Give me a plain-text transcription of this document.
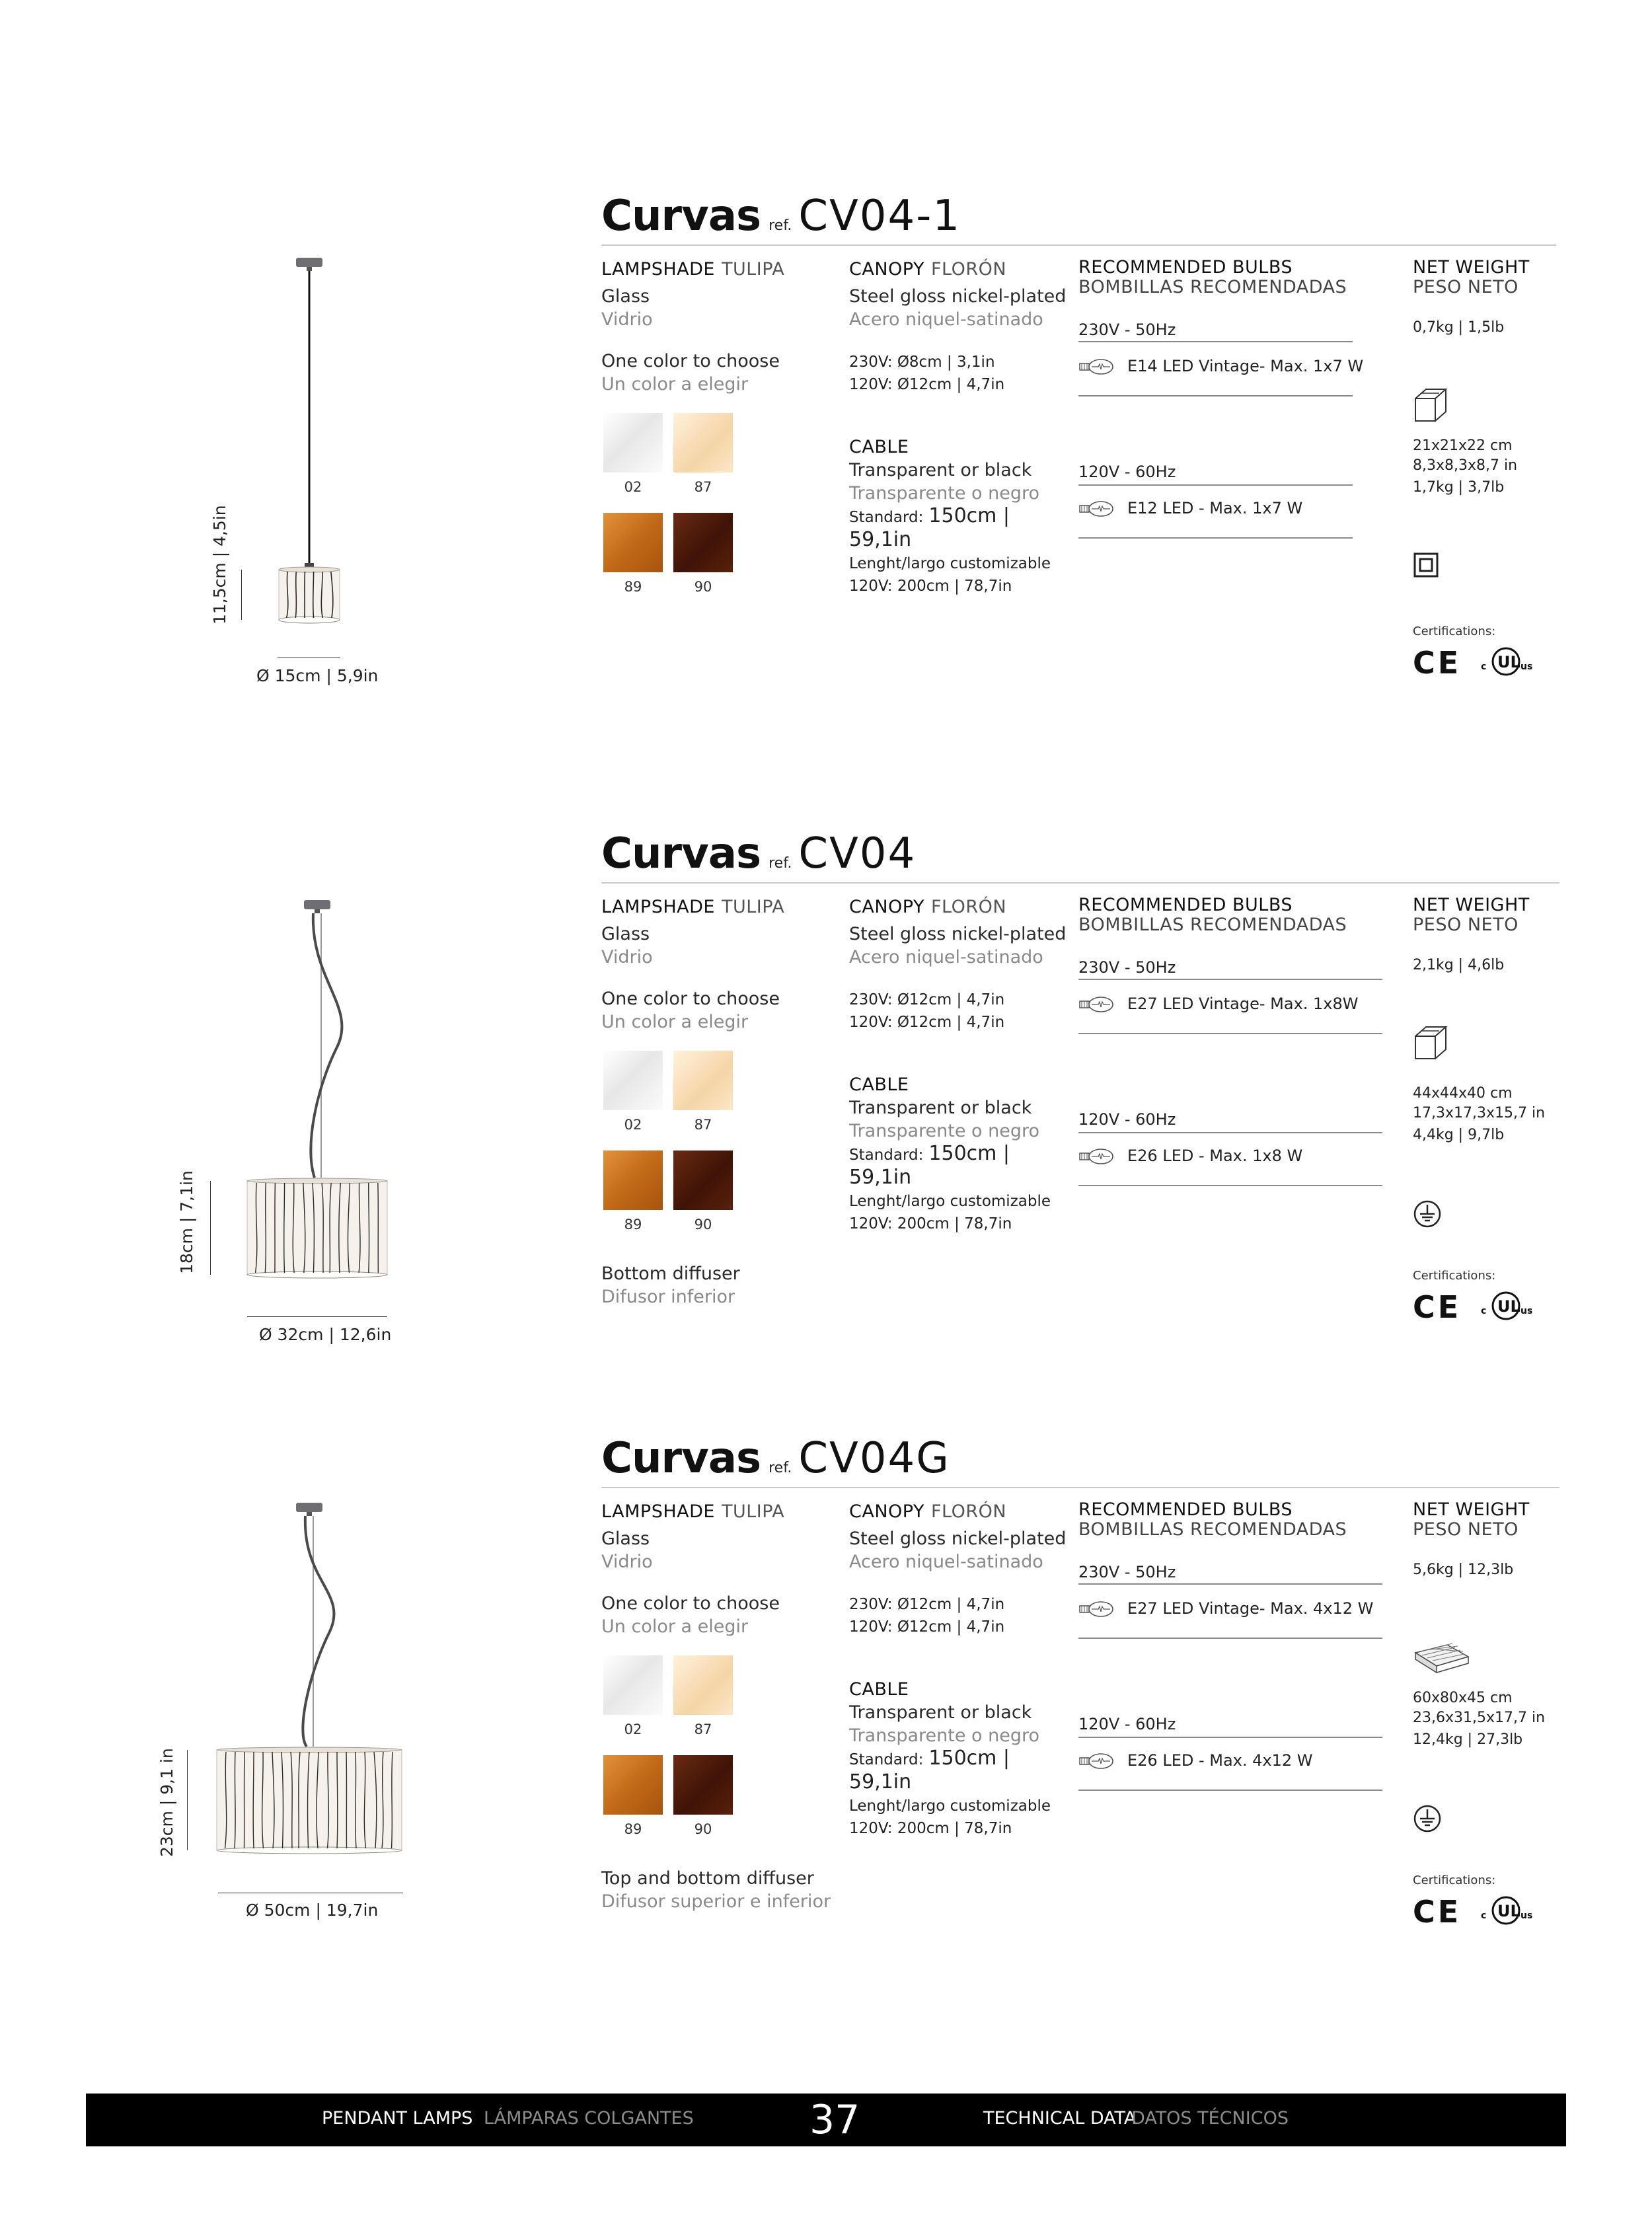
Curvas ref. CV04-1
LAMPSHADE TULIPA
Glass
Vidrio
One color to choose
Un color a elegir
02	87
89	90
CANOPY FLORÓN
Steel gloss nickel-plated
Acero niquel-satinado
230V: Ø8cm | 3,1in
120V: Ø12cm | 4,7in
CABLE
Transparent or black
Transparente o negro
Standard: 150cm | 59,1in
Lenght/largo customizable
120V: 200cm | 78,7in
RECOMMENDED BULBS
BOMBILLAS RECOMENDADAS
230V - 50Hz
E14 LED Vintage- Max. 1x7 W
120V - 60Hz
E12 LED - Max. 1x7 W
NET WEIGHT
PESO NETO
0,7kg | 1,5lb
21x21x22 cm
8,3x8,3x8,7 in
1,7kg | 3,7lb
Certifications:
CE c UL us
11,5cm | 4,5in
Ø 15cm | 5,9in
Curvas ref. CV04
LAMPSHADE TULIPA
Glass
Vidrio
One color to choose
Un color a elegir
02	87
89	90
Bottom diffuser
Difusor inferior
CANOPY FLORÓN
Steel gloss nickel-plated
Acero niquel-satinado
230V: Ø12cm | 4,7in
120V: Ø12cm | 4,7in
CABLE
Transparent or black
Transparente o negro
Standard: 150cm | 59,1in
Lenght/largo customizable
120V: 200cm | 78,7in
RECOMMENDED BULBS
BOMBILLAS RECOMENDADAS
230V - 50Hz
E27 LED Vintage- Max. 1x8W
120V - 60Hz
E26 LED - Max. 1x8 W
NET WEIGHT
PESO NETO
2,1kg | 4,6lb
44x44x40 cm
17,3x17,3x15,7 in
4,4kg | 9,7lb
Certifications:
CE c UL us
18cm | 7,1in
Ø 32cm | 12,6in
Curvas ref. CV04G
LAMPSHADE TULIPA
Glass
Vidrio
One color to choose
Un color a elegir
02	87
89	90
Top and bottom diffuser
Difusor superior e inferior
CANOPY FLORÓN
Steel gloss nickel-plated
Acero niquel-satinado
230V: Ø12cm | 4,7in
120V: Ø12cm | 4,7in
CABLE
Transparent or black
Transparente o negro
Standard: 150cm | 59,1in
Lenght/largo customizable
120V: 200cm | 78,7in
RECOMMENDED BULBS
BOMBILLAS RECOMENDADAS
230V - 50Hz
E27 LED Vintage- Max. 4x12 W
120V - 60Hz
E26 LED - Max. 4x12 W
NET WEIGHT
PESO NETO
5,6kg | 12,3lb
60x80x45 cm
23,6x31,5x17,7 in
12,4kg | 27,3lb
Certifications:
CE c UL us
23cm | 9,1 in
Ø 50cm | 19,7in
PENDANT LAMPS LÁMPARAS COLGANTES	37	TECHNICAL DATA
DATOS TÉCNICOS
